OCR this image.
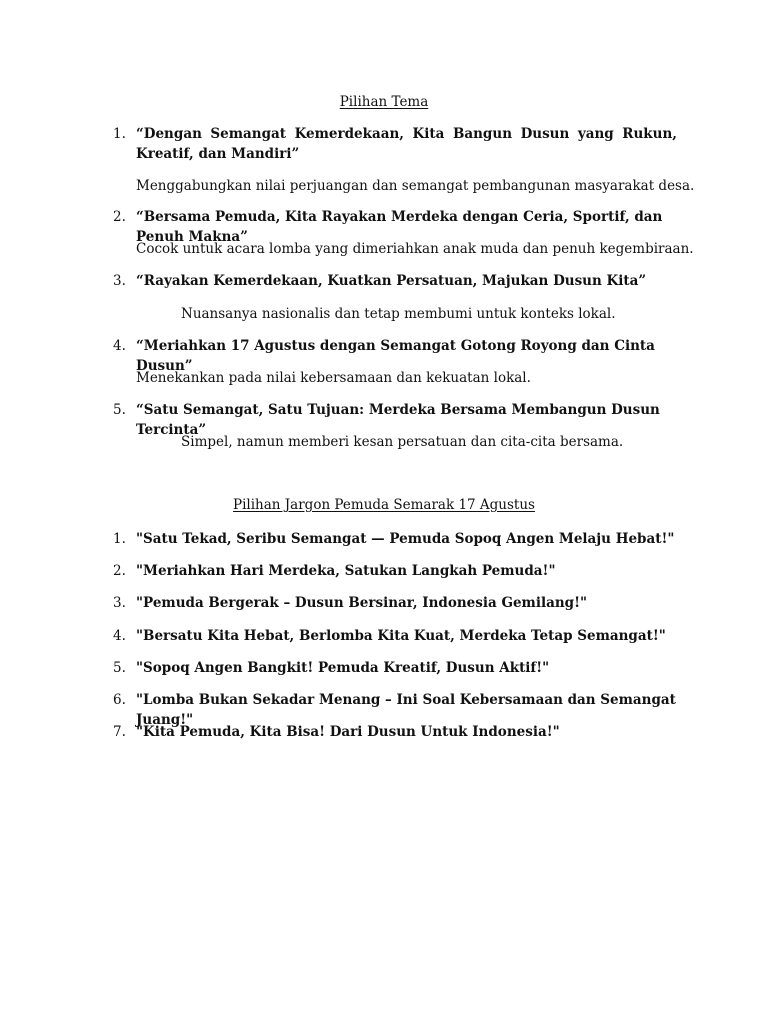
Pilihan Tema
1. “Dengan Semangat Kemerdekaan, Kita Bangun Dusun yang Rukun, Kreatif, dan Mandiri”
Menggabungkan nilai perjuangan dan semangat pembangunan masyarakat desa.
2. “Bersama Pemuda, Kita Rayakan Merdeka dengan Ceria, Sportif, dan Penuh Makna”
Cocok untuk acara lomba yang dimeriahkan anak muda dan penuh kegembiraan.
3. “Rayakan Kemerdekaan, Kuatkan Persatuan, Majukan Dusun Kita”
Nuansanya nasionalis dan tetap membumi untuk konteks lokal.
4. “Meriahkan 17 Agustus dengan Semangat Gotong Royong dan Cinta Dusun”
Menekankan pada nilai kebersamaan dan kekuatan lokal.
5. “Satu Semangat, Satu Tujuan: Merdeka Bersama Membangun Dusun Tercinta”
Simpel, namun memberi kesan persatuan dan cita-cita bersama.
Pilihan Jargon Pemuda Semarak 17 Agustus
1. "Satu Tekad, Seribu Semangat — Pemuda Sopoq Angen Melaju Hebat!"
2. "Meriahkan Hari Merdeka, Satukan Langkah Pemuda!"
3. "Pemuda Bergerak – Dusun Bersinar, Indonesia Gemilang!"
4. "Bersatu Kita Hebat, Berlomba Kita Kuat, Merdeka Tetap Semangat!"
5. "Sopoq Angen Bangkit! Pemuda Kreatif, Dusun Aktif!"
6. "Lomba Bukan Sekadar Menang – Ini Soal Kebersamaan dan Semangat Juang!"
7. "Kita Pemuda, Kita Bisa! Dari Dusun Untuk Indonesia!"
